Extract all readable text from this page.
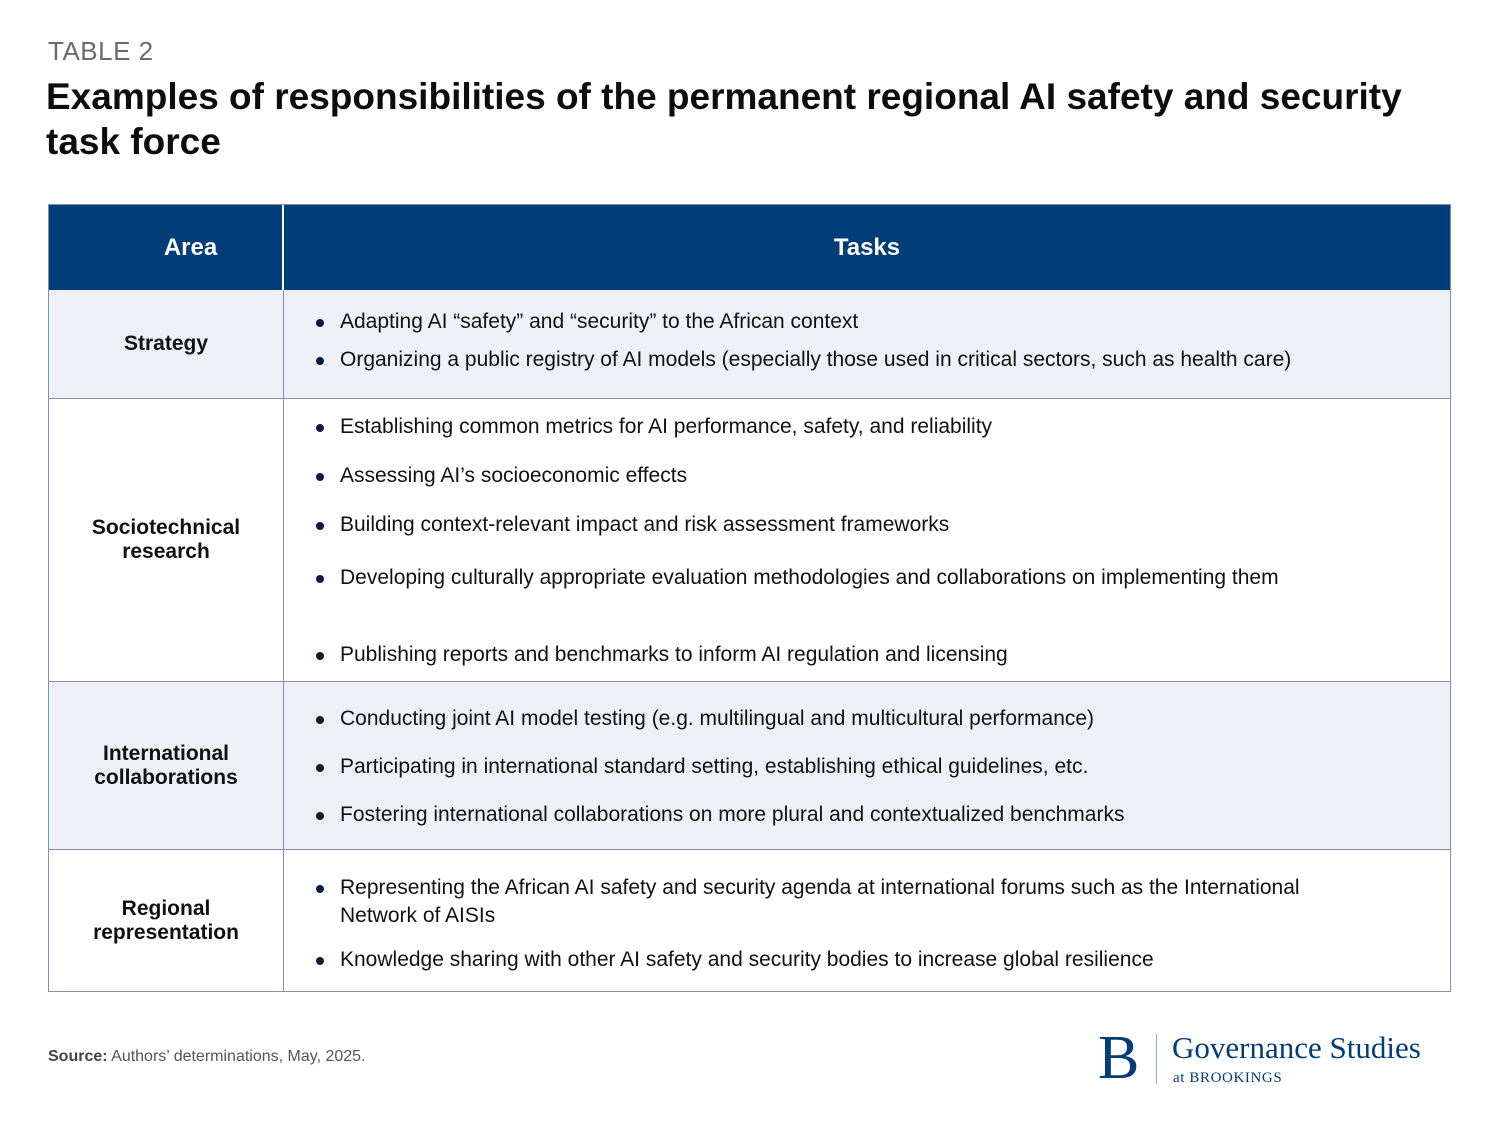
TABLE 2
Examples of responsibilities of the permanent regional AI safety and security task force
Area	Tasks
Strategy
Adapting AI “safety” and “security” to the African context
Organizing a public registry of AI models (especially those used in critical sectors, such as health care)
Sociotechnical research
Establishing common metrics for AI performance, safety, and reliability
Assessing AI’s socioeconomic effects
Building context-relevant impact and risk assessment frameworks
Developing culturally appropriate evaluation methodologies and collaborations on implementing them
Publishing reports and benchmarks to inform AI regulation and licensing
International collaborations
Conducting joint AI model testing (e.g. multilingual and multicultural performance)
Participating in international standard setting, establishing ethical guidelines, etc.
Fostering international collaborations on more plural and contextualized benchmarks
Regional representation
Representing the African AI safety and security agenda at international forums such as the International Network of AISIs
Knowledge sharing with other AI safety and security bodies to increase global resilience
Source: Authors’ determinations, May, 2025.	B Governance Studies
at BROOKINGS
